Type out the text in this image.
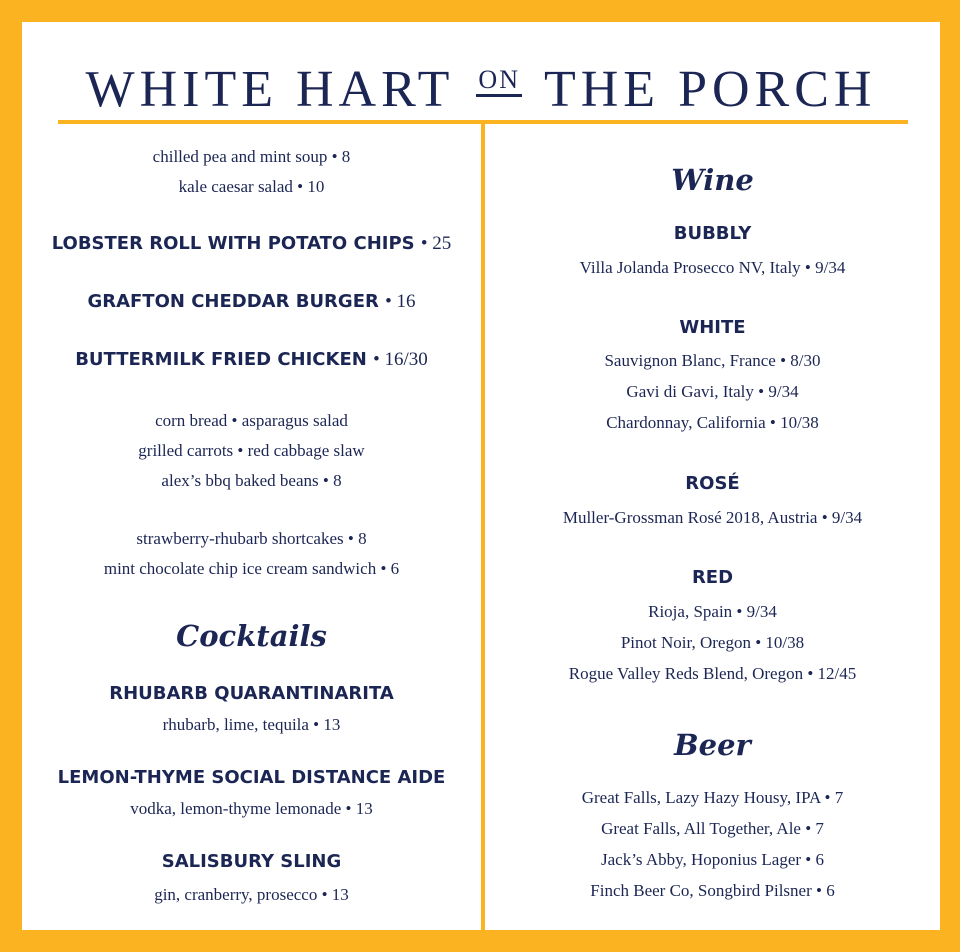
WHITE HART ON THE PORCH
chilled pea and mint soup • 8
kale caesar salad • 10
LOBSTER ROLL WITH POTATO CHIPS • 25
GRAFTON CHEDDAR BURGER • 16
BUTTERMILK FRIED CHICKEN • 16/30
corn bread • asparagus salad
grilled carrots • red cabbage slaw
alex’s bbq baked beans • 8
strawberry-rhubarb shortcakes • 8
mint chocolate chip ice cream sandwich • 6
Cocktails
RHUBARB QUARANTINARITA
rhubarb, lime, tequila • 13
LEMON-THYME SOCIAL DISTANCE AIDE
vodka, lemon-thyme lemonade • 13
SALISBURY SLING
gin, cranberry, prosecco • 13
Wine
BUBBLY
Villa Jolanda Prosecco NV, Italy • 9/34
WHITE
Sauvignon Blanc, France • 8/30
Gavi di Gavi, Italy • 9/34
Chardonnay, California • 10/38
ROSÉ
Muller-Grossman Rosé 2018, Austria • 9/34
RED
Rioja, Spain • 9/34
Pinot Noir, Oregon • 10/38
Rogue Valley Reds Blend, Oregon • 12/45
Beer
Great Falls, Lazy Hazy Housy, IPA • 7
Great Falls, All Together, Ale • 7
Jack’s Abby, Hoponius Lager • 6
Finch Beer Co, Songbird Pilsner • 6
